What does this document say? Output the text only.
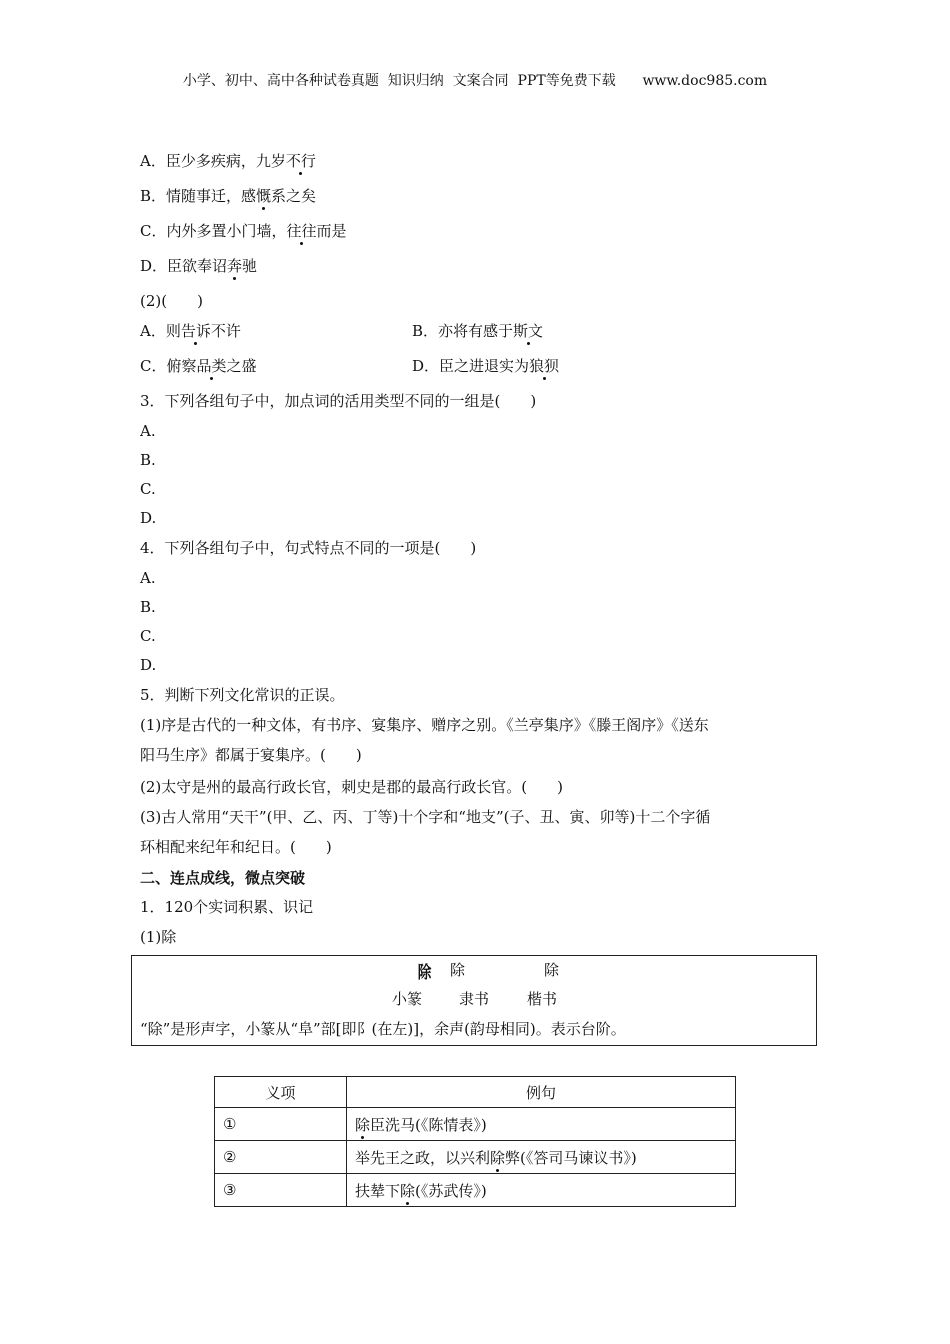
小学、初中、高中各种试卷真题  知识归纳  文案合同  PPT等免费下载      www.doc985.com
A．臣少多疾病，九岁不行
B．情随事迁，感慨系之矣
C．内外多置小门墙，往往而是
D．臣欲奉诏奔驰
(2)(　　)
A．则告诉不许	B．亦将有感于斯文
C．俯察品类之盛	D．臣之进退实为狼狈
3．下列各组句子中，加点词的活用类型不同的一组是(　　)
A.
B.
C.
D.
4．下列各组句子中，句式特点不同的一项是(　　)
A.
B.
C.
D.
5．判断下列文化常识的正误。
(1)序是古代的一种文体，有书序、宴集序、赠序之别。《兰亭集序》《滕王阁序》《送东
阳马生序》都属于宴集序。(　　)
(2)太守是州的最高行政长官，刺史是郡的最高行政长官。(　　)
(3)古人常用“天干”(甲、乙、丙、丁等)十个字和“地支”(子、丑、寅、卯等)十二个字循
环相配来纪年和纪日。(　　)
二、连点成线，微点突破
1．120个实词积累、识记
(1)除
除 除	除
小篆 隶书	楷书
“除”是形声字，小篆从“阜”部[即阝(在左)]，余声(韵母相同)。表示台阶。
义项	例句
①	除臣洗马(《陈情表》)
②	举先王之政，以兴利除弊(《答司马谏议书》)
③	扶辇下除(《苏武传》)
